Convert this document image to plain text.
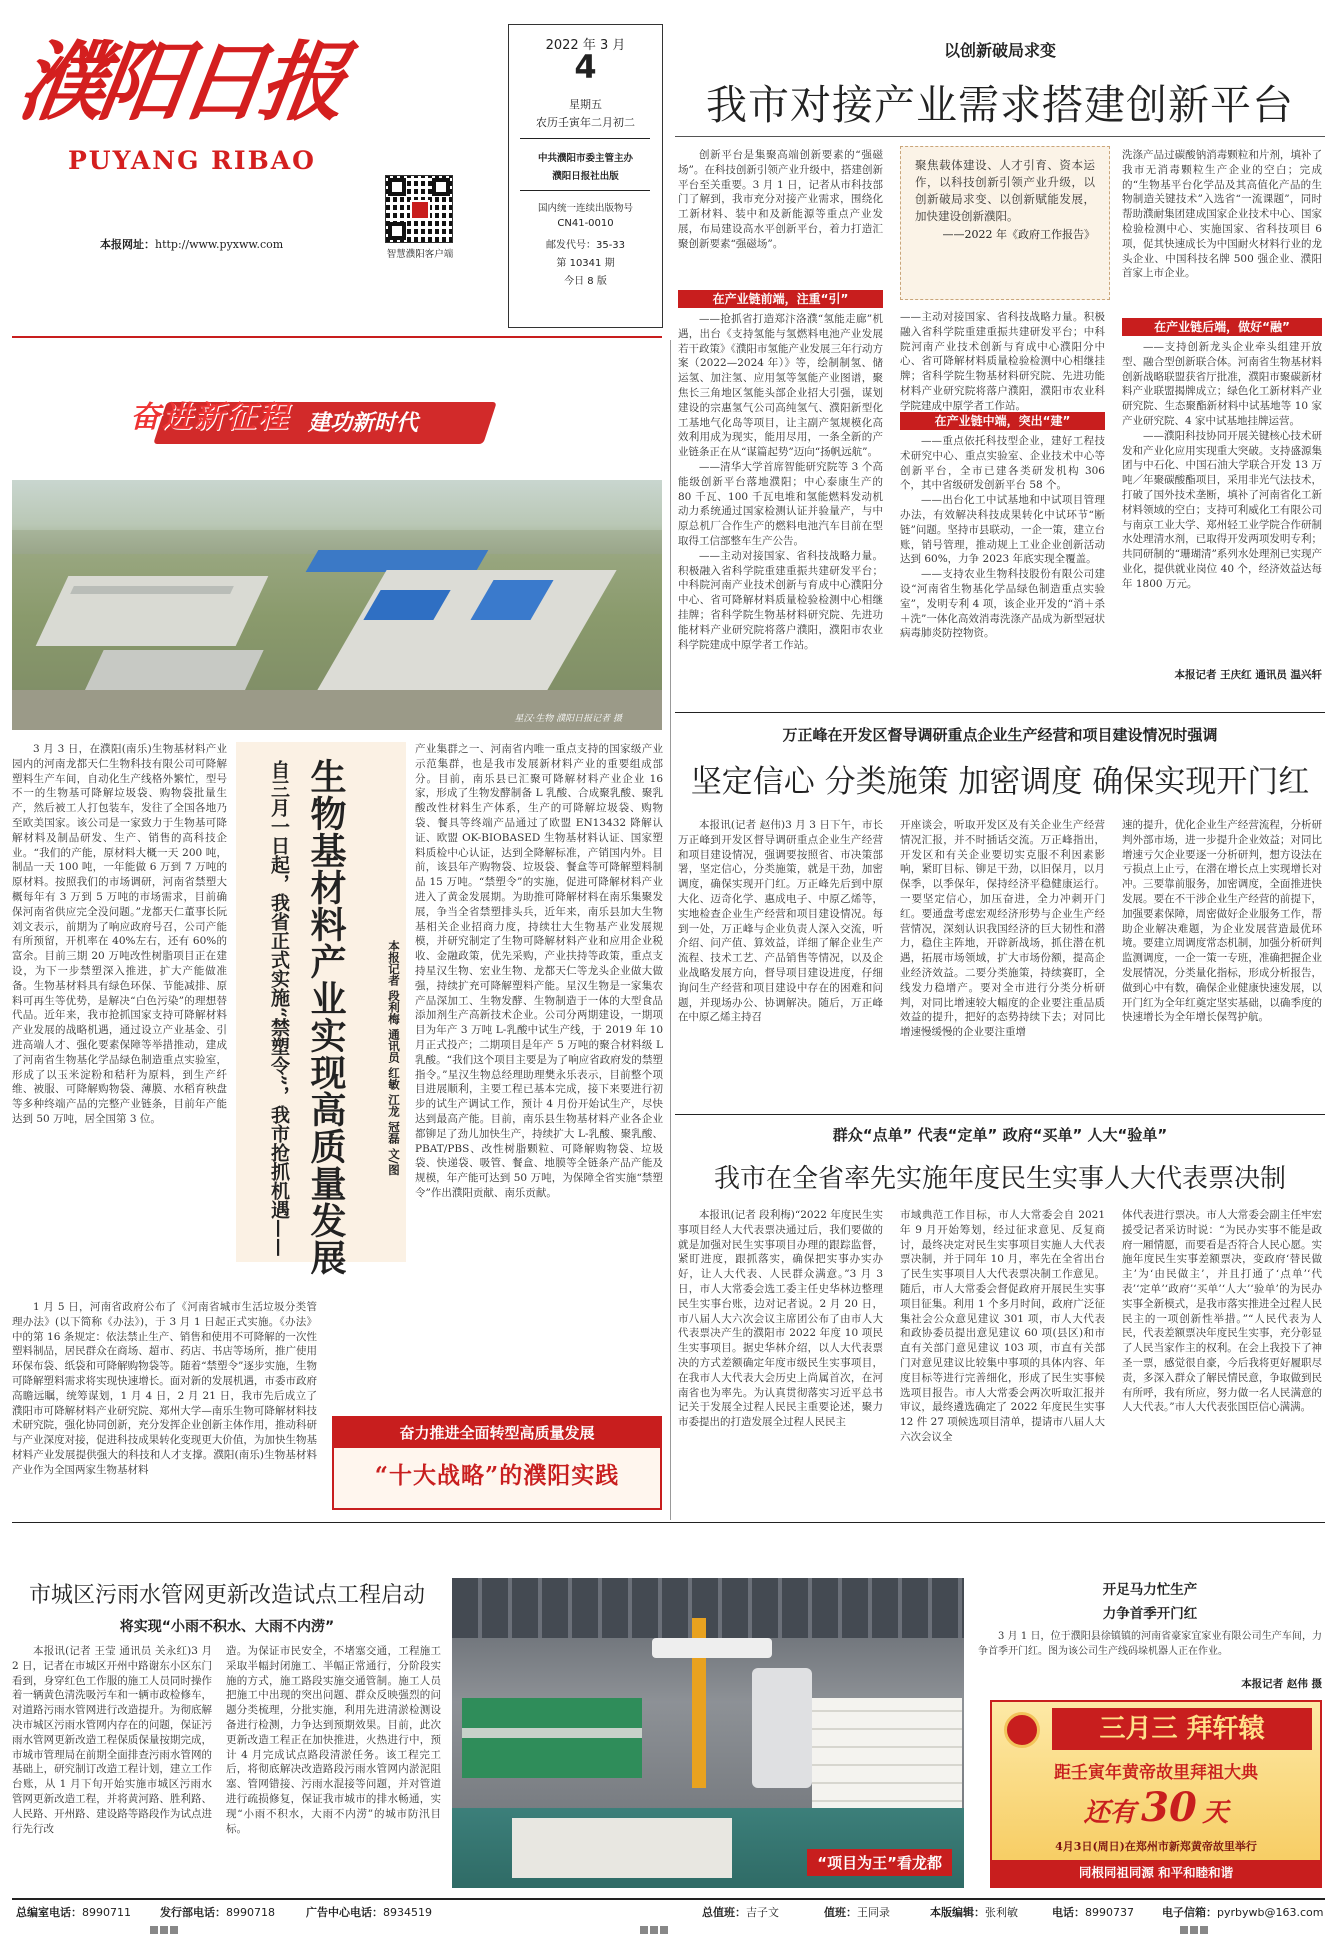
濮阳日报
PUYANG RIBAO
本报网址：http://www.pyxww.com
智慧濮阳客户端
2022 年 3 月
4
星期五
农历壬寅年二月初二
中共濮阳市委主管主办
濮阳日报社出版
国内统一连续出版物号
CN41-0010
邮发代号：35-33
第 10341 期
今日 8 版
以创新破局求变
我市对接产业需求搭建创新平台

创新平台是集聚高端创新要素的“强磁场”。在科技创新引领产业升级中，搭建创新平台至关重要。3 月 1 日，记者从市科技部门了解到，我市充分对接产业需求，围绕化工新材料、装中和及新能源等重点产业发展，布局建设高水平创新平台，着力打造汇聚创新要素“强磁场”。

聚焦载体建设、人才引育、资本运作，以科技创新引领产业升级，以创新破局求变、以创新赋能发展，加快建设创新濮阳。
——2022 年《政府工作报告》
在产业链前端，注重“引”

——抢抓省打造郑汴洛濮“氢能走廊”机遇，出台《支持氢能与氢燃料电池产业发展若干政策》《濮阳市氢能产业发展三年行动方案（2022—2024 年）》等，绘制制氢、储运氢、加注氢、应用氢等氢能产业图谱，聚焦长三角地区氢能头部企业招大引强，谋划建设的宗惠氢气公司高纯氢气、濮阳新型化工基地气化岛等项目，让主副产氢规模化高效利用成为现实，能用尽用，一条全新的产业链条正在从“谋篇起势”迈向“扬帆远航”。

——清华大学首席智能研究院等 3 个高能级创新平台落地濮阳；中心泰康生产的 80 千瓦、100 千瓦电堆和氢能燃料发动机动力系统通过国家检测认证并验量产，与中原总机厂合作生产的燃料电池汽车目前在型取得工信部整车生产公告。

——主动对接国家、省科技战略力量。积极融入省科学院重建重振共建研发平台；中科院河南产业技术创新与育成中心濮阳分中心、省可降解材料质量检验检测中心相继挂牌；省科学院生物基材料研究院、先进功能材料产业研究院将落户濮阳，濮阳市农业科学院建成中原学者工作站。

——主动对接国家、省科技战略力量。积极融入省科学院重建重振共建研发平台；中科院河南产业技术创新与育成中心濮阳分中心、省可降解材料质量检验检测中心相继挂牌；省科学院生物基材料研究院、先进功能材料产业研究院将落户濮阳，濮阳市农业科学院建成中原学者工作站。

在产业链中端，突出“建”

——重点依托科技型企业，建好工程技术研究中心、重点实验室、企业技术中心等创新平台，全市已建各类研发机构 306 个，其中省级研发创新平台 58 个。

——出台化工中试基地和中试项目管理办法，有效解决科技成果转化中试环节“断链”问题。坚持市县联动，一企一策，建立台账，销号管理，推动规上工业企业创新活动达到 60%，力争 2023 年底实现全覆盖。

——支持农业生物科技股份有限公司建设“河南省生物基化学品绿色制造重点实验室”，发明专利 4 项，该企业开发的“消＋杀＋洗”一体化高效消毒洗涤产品成为新型冠状病毒肺炎防控物资。

洗涤产品过碳酸钠消毒颗粒和片剂，填补了我市无消毒颗粒生产企业的空白；完成的“生物基平台化学品及其高值化产品的生物制造关键技术”入选省“一流课题”，同时帮助濮耐集团建成国家企业技术中心、国家检验检测中心、实施国家、省科技项目 6 项，促其快速成长为中国耐火材料行业的龙头企业、中国科技名牌 500 强企业、濮阳首家上市企业。

在产业链后端，做好“融”

——支持创新龙头企业牵头组建开放型、融合型创新联合体。河南省生物基材料创新战略联盟获省厅批准，濮阳市聚碳新材料产业联盟揭牌成立；绿色化工新材料产业研究院、生态聚酯新材料中试基地等 10 家产业研究院、4 家中试基地挂牌运营。

——濮阳科技协同开展关键核心技术研发和产业化应用实现重大突破。支持盛源集团与中石化、中国石油大学联合开发 13 万吨／年聚碳酸酯项目，采用非光气法技术，打破了国外技术垄断，填补了河南省化工新材料领域的空白；支持可利威化工有限公司与南京工业大学、郑州轻工业学院合作研制水处理清水剂，已取得开发两项发明专利；共同研制的“珊瑚清”系列水处理剂已实现产业化，提供就业岗位 40 个，经济效益达每年 1800 万元。

本报记者 王庆红 通讯员 温兴轩
奋进新征程 建功新时代
星汉·生物 濮阳日报记者 摄

3 月 3 日，在濮阳(南乐)生物基材料产业园内的河南龙都天仁生物科技有限公司可降解塑料生产车间，自动化生产线格外繁忙，型号不一的生物基可降解垃圾袋、购物袋批量生产，然后被工人打包装车，发往了全国各地乃至欧美国家。该公司是一家致力于生物基可降解材料及制品研发、生产、销售的高科技企业。“我们的产能，原材料大概一天 200 吨，制品一天 100 吨，一年能做 6 万到 7 万吨的原材料。按照我们的市场调研，河南省禁塑大概每年有 3 万到 5 万吨的市场需求，目前确保河南省供应完全没问题。”龙都天仁董事长阮刘文表示，前期为了响应政府号召，公司产能有所预留，开机率在 40%左右，还有 60%的富余。目前三期 20 万吨改性树脂项目正在建设，为下一步禁塑深入推进，扩大产能做准备。生物基材料具有绿色环保、节能减排、原料可再生等优势，是解决“白色污染”的理想替代品。近年来，我市抢抓国家支持可降解材料产业发展的战略机遇，通过设立产业基金、引进高端人才、强化要素保障等举措推动，建成了河南省生物基化学品绿色制造重点实验室，形成了以玉米淀粉和秸秆为原料，到生产纤维、被服、可降解购物袋、薄膜、水稻育秧盘等多种终端产品的完整产业链条，目前年产能达到 50 万吨，居全国第 3 位。

1 月 5 日，河南省政府公布了《河南省城市生活垃圾分类管理办法》(以下简称《办法》)，于 3 月 1 日起正式实施。《办法》中的第 16 条规定：依法禁止生产、销售和使用不可降解的一次性塑料制品，居民群众在商场、超市、药店、书店等场所，推广使用环保布袋、纸袋和可降解购物袋等。随着“禁塑令”逐步实施，生物可降解塑料需求将实现快速增长。面对新的发展机遇，市委市政府高瞻远瞩，统筹谋划，1 月 4 日，2 月 21 日，我市先后成立了濮阳市可降解材料产业研究院、郑州大学—南乐生物可降解材料技术研究院，强化协同创新，充分发挥企业创新主体作用，推动科研与产业深度对接，促进科技成果转化变现更大价值，为加快生物基材料产业发展提供强大的科技和人才支撑。濮阳(南乐)生物基材料产业作为全国两家生物基材料

生物基材料产业实现高质量发展
自三月一日起，我省正式实施“禁塑令”，我市抢抓机遇——	本报记者 段利梅 通讯员 红敏 江龙 冠磊 文/图

产业集群之一、河南省内唯一重点支持的国家级产业示范集群，也是我市发展新材料产业的重要组成部分。目前，南乐县已汇聚可降解材料产业企业 16 家，形成了生物发酵制备 L 乳酸、合成聚乳酸、聚乳酸改性材料生产体系，生产的可降解垃圾袋、购物袋、餐具等终端产品通过了欧盟 EN13432 降解认证、欧盟 OK-BIOBASED 生物基材料认证、国家塑料质检中心认证，达到全降解标准，产销国内外。目前，该县年产购物袋、垃圾袋、餐盒等可降解塑料制品 15 万吨。“禁塑令”的实施，促进可降解材料产业进入了黄金发展期。为助推可降解材料在南乐集聚发展，争当全省禁塑排头兵，近年来，南乐县加大生物基相关企业招商力度，持续壮大生物基产业发展规模，并研究制定了生物可降解材料产业和应用企业税收、金融政策，优先采购，产业扶持等政策，重点支持星汉生物、宏业生物、龙都天仁等龙头企业做大做强，持续扩充可降解塑料产能。星汉生物是一家集农产品深加工、生物发酵、生物制造于一体的大型食品添加剂生产高新技术企业。公司分两期建设，一期项目为年产 3 万吨 L-乳酸中试生产线，于 2019 年 10 月正式投产；二期项目是年产 5 万吨的聚合材料级 L 乳酸。“我们这个项目主要是为了响应省政府发的禁塑指令。”星汉生物总经理助理樊永乐表示，目前整个项目进展顺利，主要工程已基本完成，接下来要进行初步的试生产调试工作，预计 4 月份开始试生产，尽快达到最高产能。目前，南乐县生物基材料产业各企业都铆足了劲儿加快生产，持续扩大 L-乳酸、聚乳酸、PBAT/PBS、改性树脂颗粒、可降解购物袋、垃圾袋、快递袋、吸管、餐盒、地膜等全链条产品产能及规模，年产能可达到 50 万吨，为保障全省实施“禁塑令”作出濮阳贡献、南乐贡献。

奋力推进全面转型高质量发展
“十大战略”的濮阳实践
万正峰在开发区督导调研重点企业生产经营和项目建设情况时强调
坚定信心 分类施策 加密调度 确保实现开门红

本报讯(记者 赵伟)3 月 3 日下午，市长万正峰到开发区督导调研重点企业生产经营和项目建设情况，强调要按照省、市决策部署，坚定信心，分类施策，就是干劲，加密调度，确保实现开门红。万正峰先后到中原大化、迈奇化学、惠成电子、中原乙烯等，实地检查企业生产经营和项目建设情况。每到一处，万正峰与企业负责人深入交流，听介绍、问产值、算效益，详细了解企业生产流程、技术工艺、产品销售等情况，以及企业战略发展方向，督导项目建设进度，仔细询问生产经营和项目建设中存在的困难和问题，并现场办公、协调解决。随后，万正峰在中原乙烯主持召

开座谈会，听取开发区及有关企业生产经营情况汇报，并不时插话交流。万正峰指出，开发区和有关企业要切实克服不利因素影响，紧盯目标、铆足干劲，以旧保月，以月保季，以季保年，保持经济平稳健康运行。一要坚定信心，加压奋进，全力冲刺开门红。要通盘考虑宏观经济形势与企业生产经营情况，深刻认识我国经济的巨大韧性和潜力，稳住主阵地，开辟新战场，抓住潜在机遇，拓展市场领域，扩大市场份额，提高企业经济效益。二要分类施策，持续赛盯，全线发力稳增产。要对全市进行分类分析研判，对同比增速较大幅度的企业要注重品质效益的提升，把好的态势持续下去；对同比增速慢缓慢的企业要注重增

速的提升，优化企业生产经营流程，分析研判外部市场，进一步提升企业效益；对同比增速亏欠企业要逐一分析研判，想方设法在亏损点上止亏，在潜在增长点上实现增长对冲。三要靠前服务，加密调度，全面推进快发展。要在不干涉企业生产经营的前提下，加强要素保障，周密做好企业服务工作，帮助企业解决难题，为企业发展营造最优环境。要建立周调度常态机制，加强分析研判监测调度，一企一策一专班，准确把握企业发展情况，分类量化指标，形成分析报告，做到心中有数，确保企业健康快速发展，以开门红为全年红奠定坚实基础，以确季度的快速增长为全年增长保驾护航。

群众“点单” 代表“定单” 政府“买单” 人大“验单”
我市在全省率先实施年度民生实事人大代表票决制

本报讯(记者 段利梅)“2022 年度民生实事项目经人大代表票决通过后，我们要做的就是加强对民生实事项目办理的跟踪监督，紧盯进度，跟抓落实，确保把实事办实办好，让人大代表、人民群众满意。”3 月 3 日，市人大常委会选工委主任史华林边整理民生实事台账，边对记者说。2 月 20 日，市八届人大六次会议主席团公布了由市人大代表票决产生的濮阳市 2022 年度 10 项民生实事项目。据史华林介绍，以人大代表票决的方式差额确定年度市级民生实事项目，在我市人大代表大会历史上尚属首次，在河南省也为率先。为认真贯彻落实习近平总书记关于发展全过程人民民主重要论述，聚力市委提出的打造发展全过程人民民主

市域典范工作目标，市人大常委会自 2021 年 9 月开始筹划，经过征求意见、反复商讨，最终决定对民生实事项目实施人大代表票决制，并于同年 10 月，率先在全省出台了民生实事项目人大代表票决制工作意见。随后，市人大常委会督促政府开展民生实事项目征集。利用 1 个多月时间，政府广泛征集社会公众意见建议 301 项，市人大代表和政协委员提出意见建议 60 项(县区)和市直有关部门意见建议 103 项，市直有关部门对意见建议比较集中事项的具体内容、年度目标等进行完善细化，形成了民生实事候选项目报告。市人大常委会两次听取汇报并审议，最终遴选确定了 2022 年度民生实事 12 件 27 项候选项目清单，提请市八届人大六次会议全

体代表进行票决。市人大常委会副主任牢宏援受记者采访时说：“为民办实事不能是政府一厢情愿，而要看是否符合人民心愿。实施年度民生实事差额票决，变政府‘替民做主’为‘由民做主’，并且打通了‘点单’‘代表’‘定单’‘政府’‘买单’‘人大’‘验单’的为民办实事全新模式，是我市落实推进全过程人民民主的一项创新性举措。”“人民代表为人民，代表差额票决年度民生实事，充分彰显了人民当家作主的权利。在会上我投下了神圣一票，感觉很自豪，今后我将更好履职尽责，多深入群众了解民情民意，争取做到民有所呼，我有所应，努力做一名人民满意的人大代表。”市人大代表张国臣信心满满。

市城区污雨水管网更新改造试点工程启动
将实现“小雨不积水、大雨不内涝”

本报讯(记者 王莹 通讯员 关永红)3 月 2 日，记者在市城区开州中路谢东小区东门看到，身穿红色工作服的施工人员同时操作着一辆黄色清洗吸污车和一辆市政检修车，对道路污雨水管网进行改造提升。为彻底解决市城区污雨水管网内存在的问题，保证污雨水管网更新改造工程保质保量按期完成，市城市管理局在前期全面排查污雨水管网的基础上，研究制订改造工程计划，建立工作台账，从 1 月下旬开始实施市城区污雨水管网更新改造工程，并将黄河路、胜利路、人民路、开州路、建设路等路段作为试点进行先行改

造。为保证市民安全，不堵塞交通，工程施工采取半幅封闭施工、半幅正常通行，分阶段实施的方式，施工路段实施交通管制。施工人员把施工中出现的突出问题、群众反映强烈的问题分类梳理，分批实施，利用先进清淤检测设备进行检测，力争达到预期效果。目前，此次更新改造工程正在加快推进，火热进行中，预计 4 月完成试点路段清淤任务。该工程完工后，将彻底解决改造路段污雨水管网内淤泥阻塞、管网错接、污雨水混接等问题，并对管道进行疏损修复，保证我市城市的排水畅通，实现“小雨不积水，大雨不内涝”的城市防汛目标。

“项目为王”看龙都
开足马力忙生产
力争首季开门红

3 月 1 日，位于濮阳县徐镇镇的河南省豪家宜家业有限公司生产车间，力争首季开门红。图为该公司生产线码垛机器人正在作业。

本报记者 赵伟 摄
三月三 拜轩辕
距壬寅年黄帝故里拜祖大典
还有 30 天
4月3日(周日)在郑州市新郑黄帝故里举行
同根同祖同源 和平和睦和谐
总编室电话：8990711	发行部电话：8990718	广告中心电话：8934519	总值班：吉子文	值班：王同录	本版编辑：张利敏	电话：8990737	电子信箱：pyrbywb@163.com
